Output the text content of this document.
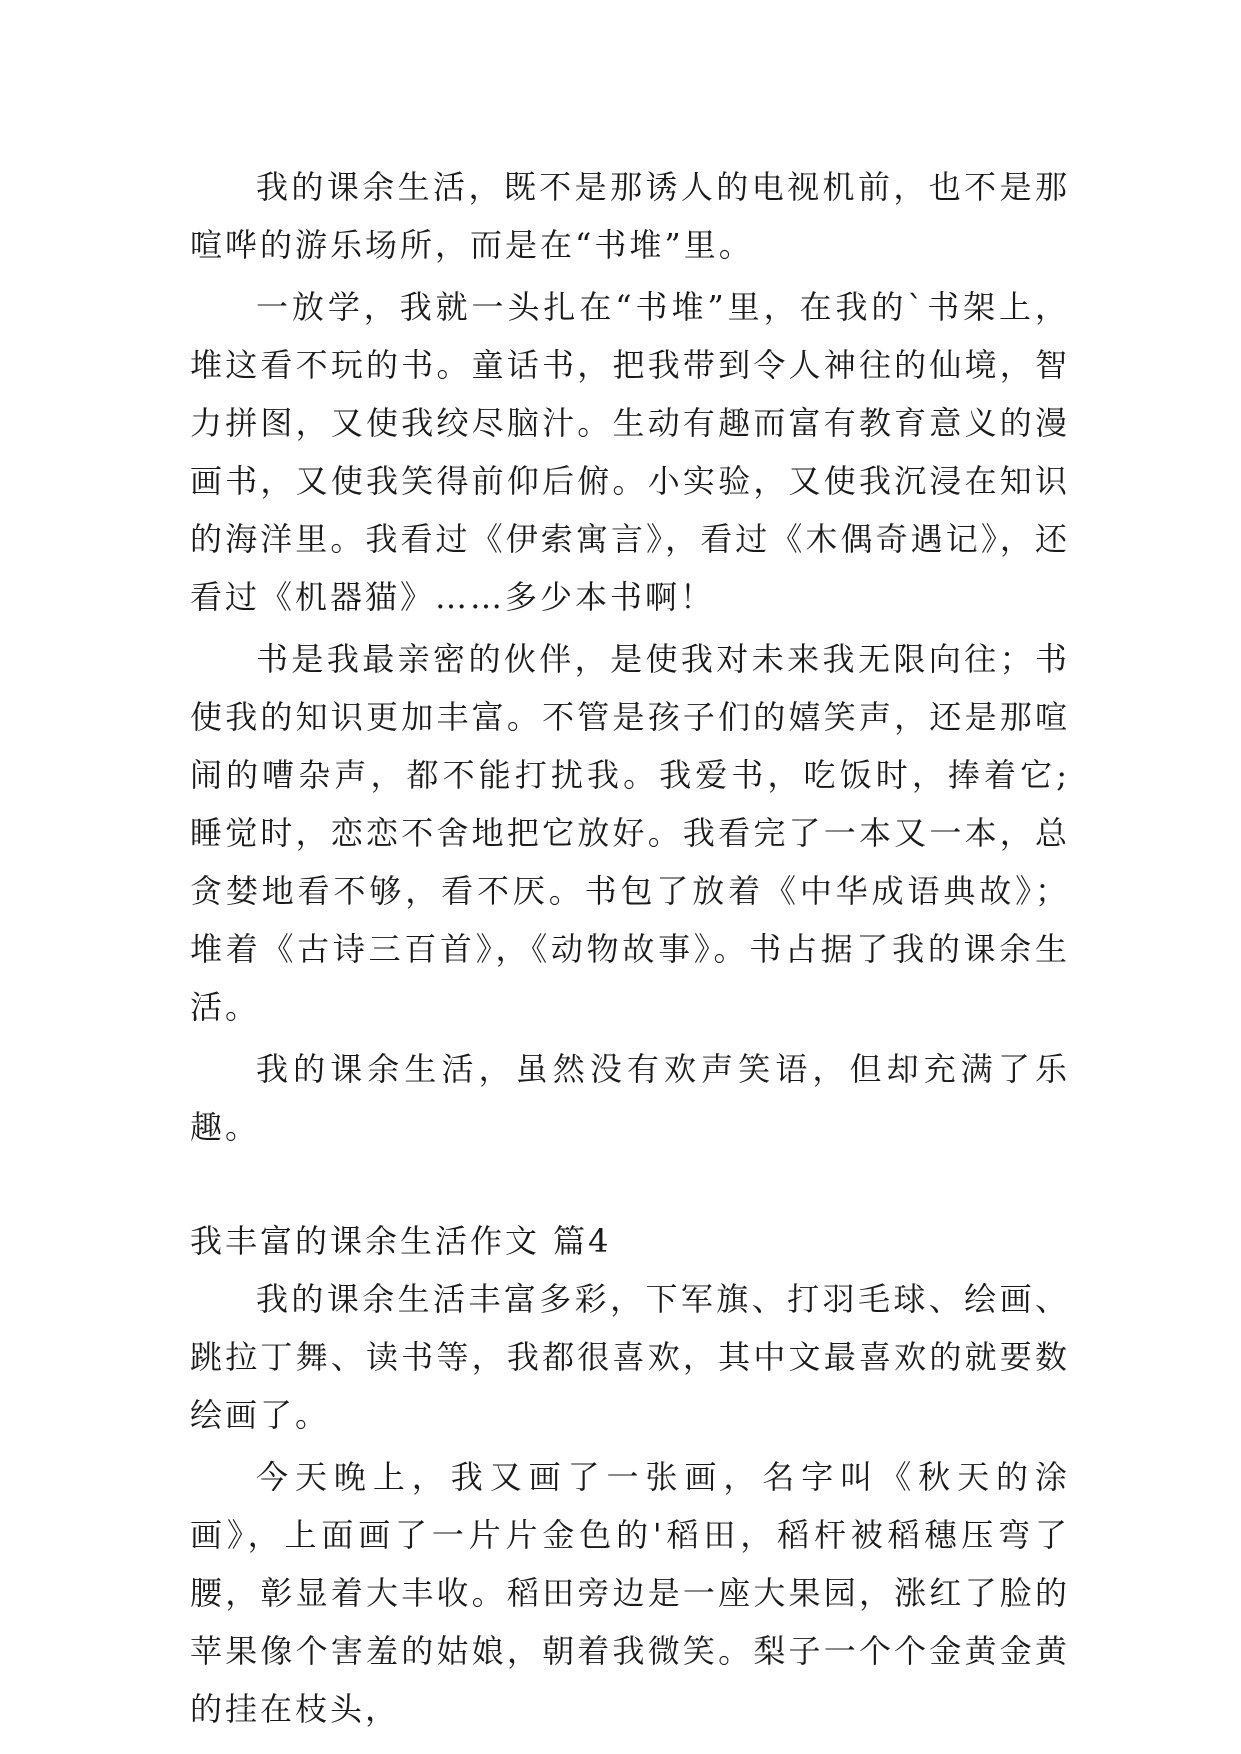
我的课余生活，既不是那诱人的电视机前，也不是那喧哗的游乐场所，而是在“书堆”里。

一放学，我就一头扎在“书堆”里，在我的`书架上，堆这看不玩的书。童话书，把我带到令人神往的仙境，智力拼图，又使我绞尽脑汁。生动有趣而富有教育意义的漫画书，又使我笑得前仰后俯。小实验，又使我沉浸在知识的海洋里。我看过《伊索寓言》，看过《木偶奇遇记》，还看过《机器猫》……多少本书啊！

书是我最亲密的伙伴，是使我对未来我无限向往；书使我的知识更加丰富。不管是孩子们的嬉笑声，还是那喧闹的嘈杂声，都不能打扰我。我爱书，吃饭时，捧着它;睡觉时，恋恋不舍地把它放好。我看完了一本又一本，总贪婪地看不够，看不厌。书包了放着《中华成语典故》；堆着《古诗三百首》，《动物故事》。书占据了我的课余生活。

我的课余生活，虽然没有欢声笑语，但却充满了乐趣。

我丰富的课余生活作文 篇4

我的课余生活丰富多彩，下军旗、打羽毛球、绘画、跳拉丁舞、读书等，我都很喜欢，其中文最喜欢的就要数绘画了。

今天晚上，我又画了一张画，名字叫《秋天的涂画》，上面画了一片片金色的'稻田，稻杆被稻穗压弯了腰，彰显着大丰收。稻田旁边是一座大果园，涨红了脸的苹果像个害羞的姑娘，朝着我微笑。梨子一个个金黄金黄的挂在枝头，
